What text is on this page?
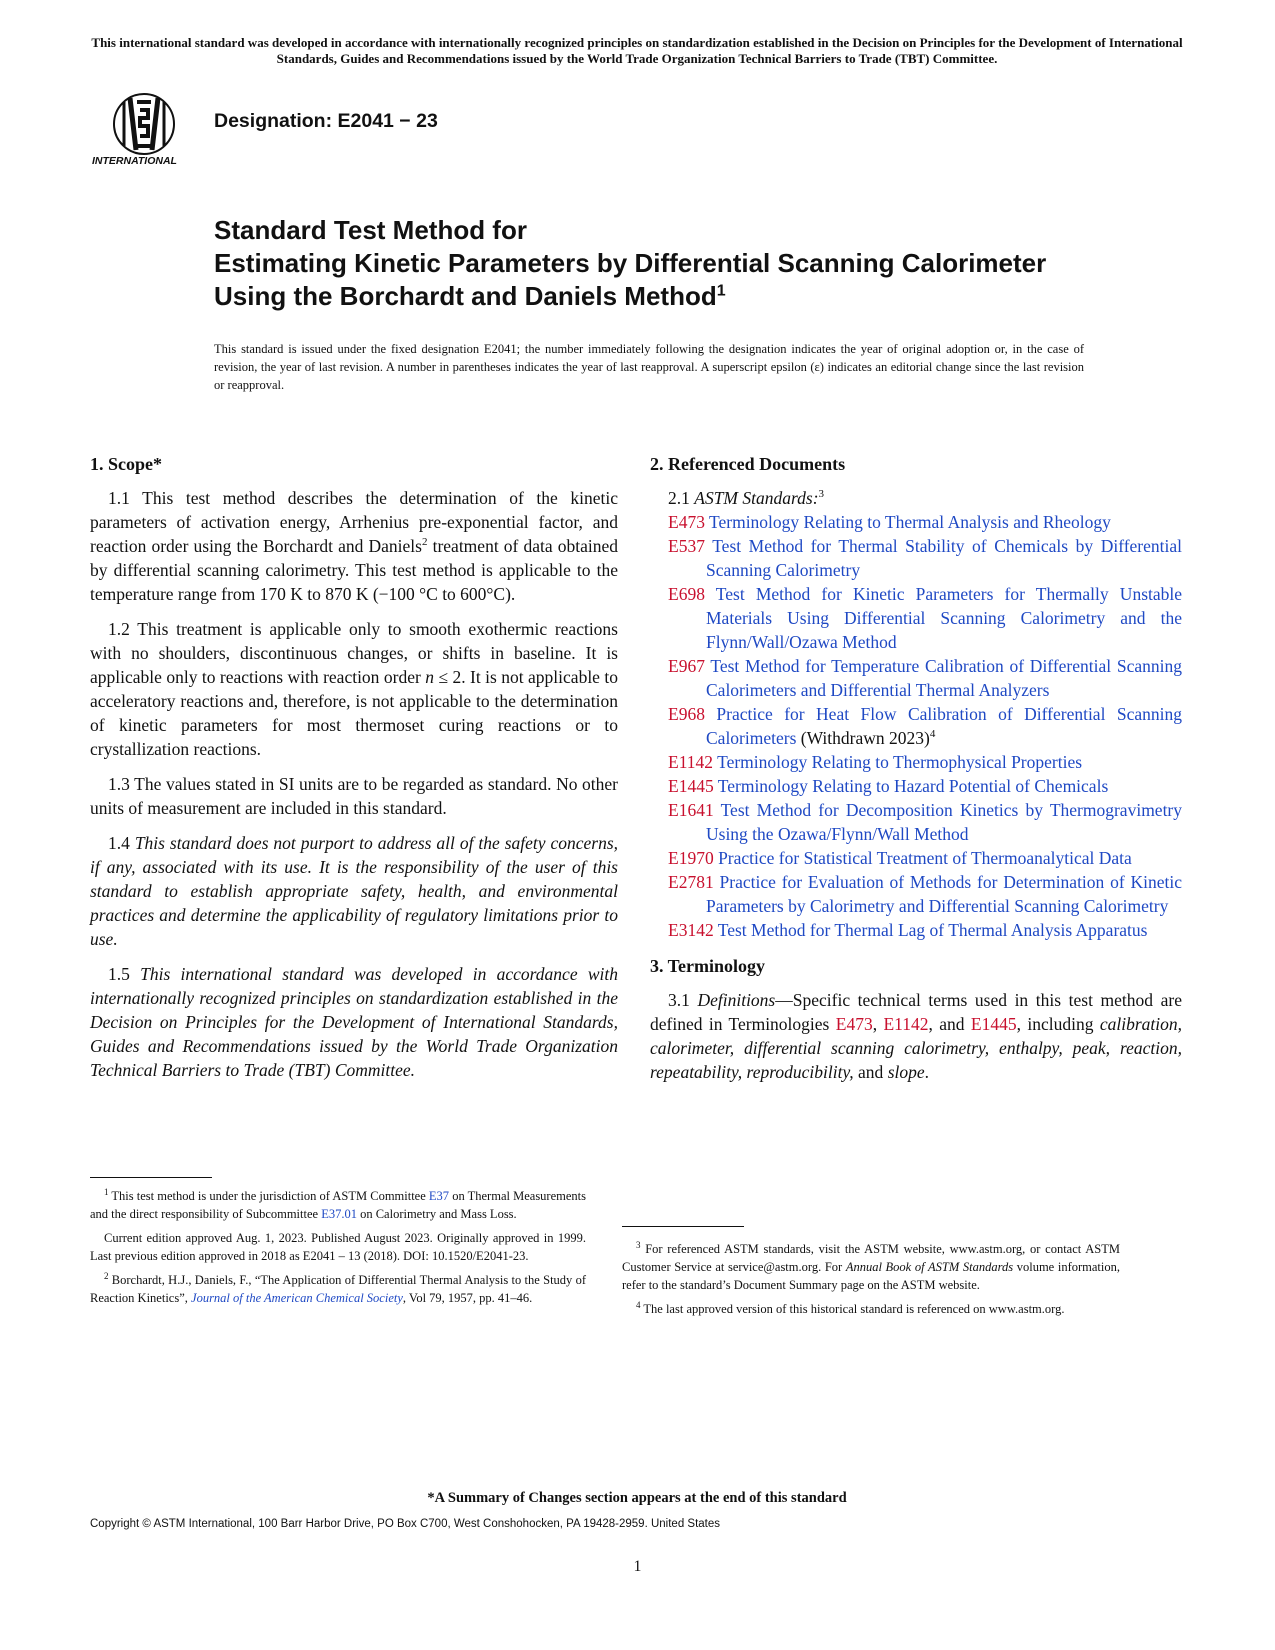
This international standard was developed in accordance with internationally recognized principles on standardization established in the Decision on Principles for the Development of International Standards, Guides and Recommendations issued by the World Trade Organization Technical Barriers to Trade (TBT) Committee.
INTERNATIONAL
Designation: E2041 − 23
Standard Test Method for
Estimating Kinetic Parameters by Differential Scanning Calorimeter Using the Borchardt and Daniels Method$^1$
This standard is issued under the fixed designation E2041; the number immediately following the designation indicates the year of original adoption or, in the case of revision, the year of last revision. A number in parentheses indicates the year of last reapproval. A superscript epsilon (ε) indicates an editorial change since the last revision or reapproval.
1. Scope*

1.1 This test method describes the determination of the kinetic parameters of activation energy, Arrhenius pre-exponential factor, and reaction order using the Borchardt and Daniels$^2$ treatment of data obtained by differential scanning calorimetry. This test method is applicable to the temperature range from 170 K to 870 K (−100 °C to 600°C).

1.2 This treatment is applicable only to smooth exothermic reactions with no shoulders, discontinuous changes, or shifts in baseline. It is applicable only to reactions with reaction order n ≤ 2. It is not applicable to acceleratory reactions and, therefore, is not applicable to the determination of kinetic parameters for most thermoset curing reactions or to crystallization reactions.

1.3 The values stated in SI units are to be regarded as standard. No other units of measurement are included in this standard.

1.4 This standard does not purport to address all of the safety concerns, if any, associated with its use. It is the responsibility of the user of this standard to establish appropriate safety, health, and environmental practices and determine the applicability of regulatory limitations prior to use.

1.5 This international standard was developed in accordance with internationally recognized principles on standardization established in the Decision on Principles for the Development of International Standards, Guides and Recommendations issued by the World Trade Organization Technical Barriers to Trade (TBT) Committee.

2. Referenced Documents
2.1 ASTM Standards:$^3$
E473 Terminology Relating to Thermal Analysis and Rheology
E537 Test Method for Thermal Stability of Chemicals by Differential Scanning Calorimetry
E698 Test Method for Kinetic Parameters for Thermally Unstable Materials Using Differential Scanning Calorimetry and the Flynn/Wall/Ozawa Method
E967 Test Method for Temperature Calibration of Differential Scanning Calorimeters and Differential Thermal Analyzers
E968 Practice for Heat Flow Calibration of Differential Scanning Calorimeters (Withdrawn 2023)$^4$
E1142 Terminology Relating to Thermophysical Properties
E1445 Terminology Relating to Hazard Potential of Chemicals
E1641 Test Method for Decomposition Kinetics by Thermogravimetry Using the Ozawa/Flynn/Wall Method
E1970 Practice for Statistical Treatment of Thermoanalytical Data
E2781 Practice for Evaluation of Methods for Determination of Kinetic Parameters by Calorimetry and Differential Scanning Calorimetry
E3142 Test Method for Thermal Lag of Thermal Analysis Apparatus
3. Terminology

3.1 Definitions—Specific technical terms used in this test method are defined in Terminologies E473, E1142, and E1445, including calibration, calorimeter, differential scanning calorimetry, enthalpy, peak, reaction, repeatability, reproducibility, and slope.

$^1$ This test method is under the jurisdiction of ASTM Committee E37 on Thermal Measurements and the direct responsibility of Subcommittee E37.01 on Calorimetry and Mass Loss.

Current edition approved Aug. 1, 2023. Published August 2023. Originally approved in 1999. Last previous edition approved in 2018 as E2041 – 13 (2018). DOI: 10.1520/E2041-23.

$^2$ Borchardt, H.J., Daniels, F., “The Application of Differential Thermal Analysis to the Study of Reaction Kinetics”, Journal of the American Chemical Society, Vol 79, 1957, pp. 41–46.

$^3$ For referenced ASTM standards, visit the ASTM website, www.astm.org, or contact ASTM Customer Service at service@astm.org. For Annual Book of ASTM Standards volume information, refer to the standard’s Document Summary page on the ASTM website.

$^4$ The last approved version of this historical standard is referenced on www.astm.org.

*A Summary of Changes section appears at the end of this standard
Copyright © ASTM International, 100 Barr Harbor Drive, PO Box C700, West Conshohocken, PA 19428-2959. United States
1
